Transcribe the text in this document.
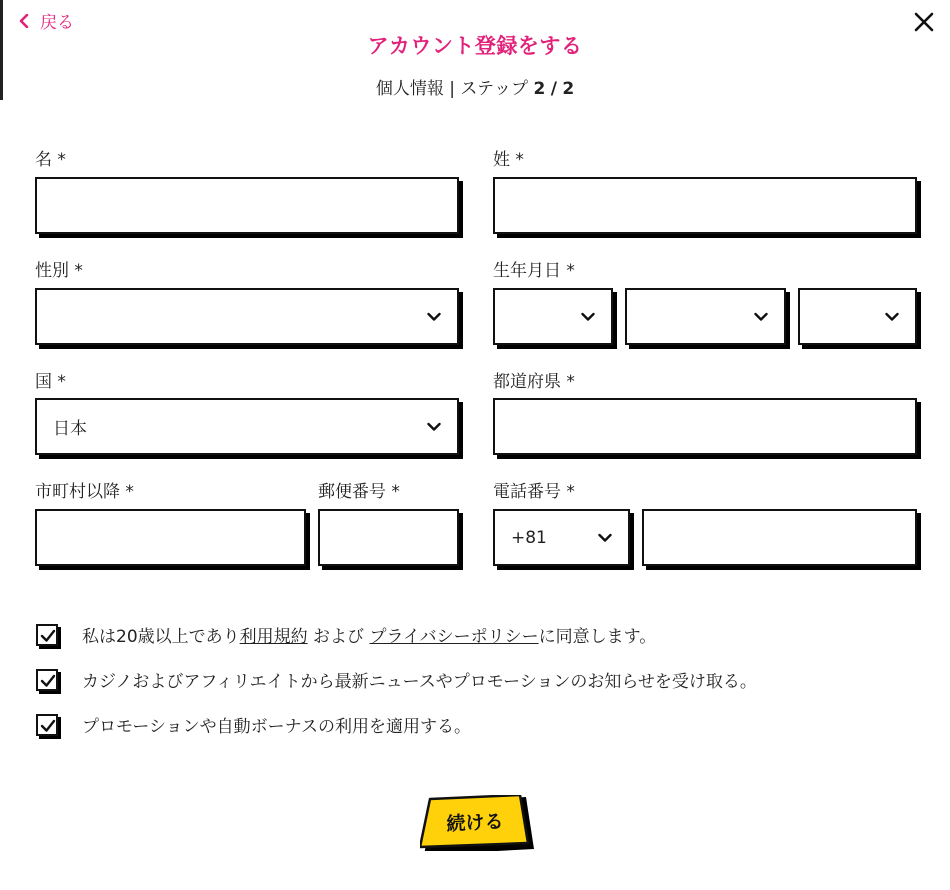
戻る
アカウント登録をする
個人情報 | ステップ 2 / 2
名 *	姓 *
性別 *	生年月日 *
国 *
日本
都道府県 *
市町村以降 *	郵便番号 *	電話番号 *
+81
私は20歳以上であり利用規約 および プライバシーポリシーに同意します。
カジノおよびアフィリエイトから最新ニュースやプロモーションのお知らせを受け取る。
プロモーションや自動ボーナスの利用を適用する。
続ける
